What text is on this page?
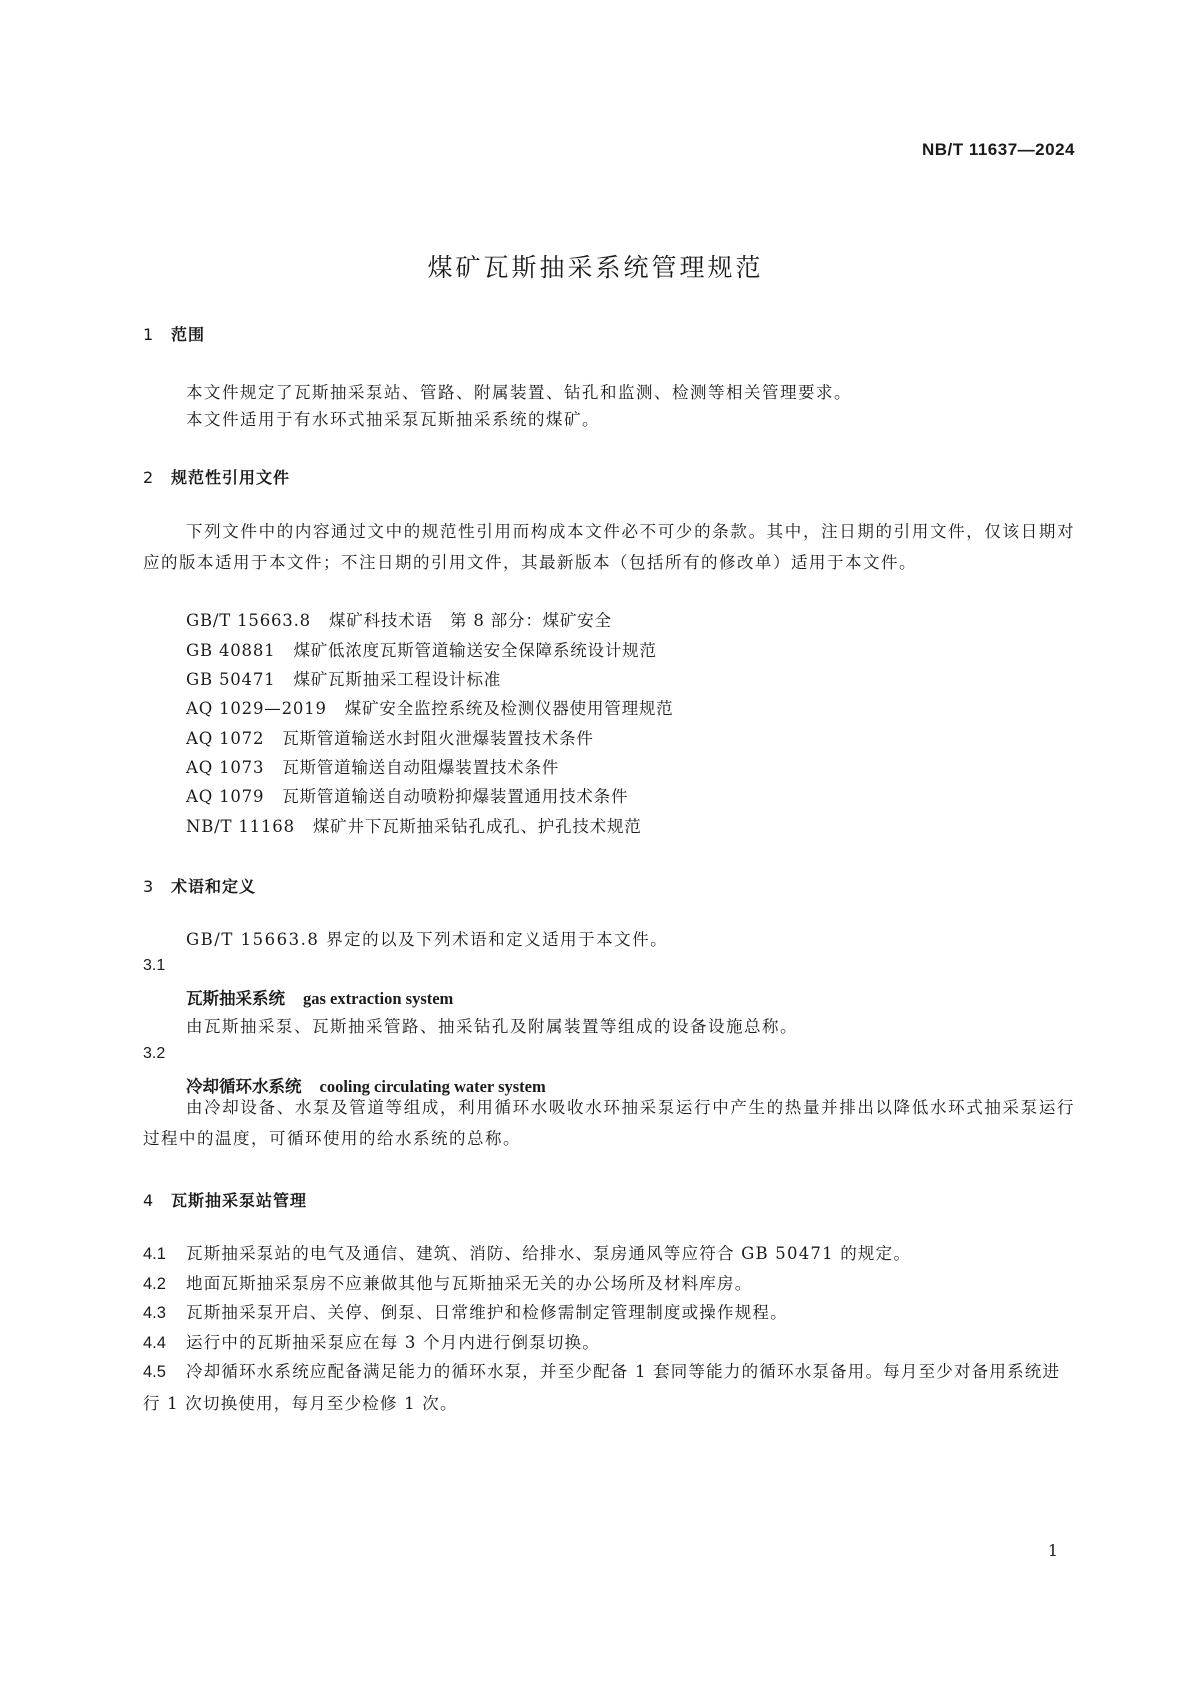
NB/T 11637—2024
煤矿瓦斯抽采系统管理规范
1 范围
本文件规定了瓦斯抽采泵站、管路、附属装置、钻孔和监测、检测等相关管理要求。
本文件适用于有水环式抽采泵瓦斯抽采系统的煤矿。
2 规范性引用文件
下列文件中的内容通过文中的规范性引用而构成本文件必不可少的条款。其中，注日期的引用文件，仅该日期对应的版本适用于本文件；不注日期的引用文件，其最新版本（包括所有的修改单）适用于本文件。
GB/T 15663.8 煤矿科技术语　第 8 部分：煤矿安全
GB 40881 煤矿低浓度瓦斯管道输送安全保障系统设计规范
GB 50471 煤矿瓦斯抽采工程设计标准
AQ 1029—2019 煤矿安全监控系统及检测仪器使用管理规范
AQ 1072 瓦斯管道输送水封阻火泄爆装置技术条件
AQ 1073 瓦斯管道输送自动阻爆装置技术条件
AQ 1079 瓦斯管道输送自动喷粉抑爆装置通用技术条件
NB/T 11168 煤矿井下瓦斯抽采钻孔成孔、护孔技术规范
3 术语和定义
GB/T 15663.8 界定的以及下列术语和定义适用于本文件。
3.1
瓦斯抽采系统 gas extraction system
由瓦斯抽采泵、瓦斯抽采管路、抽采钻孔及附属装置等组成的设备设施总称。
3.2
冷却循环水系统 cooling circulating water system
由冷却设备、水泵及管道等组成，利用循环水吸收水环抽采泵运行中产生的热量并排出以降低水环式抽采泵运行过程中的温度，可循环使用的给水系统的总称。
4 瓦斯抽采泵站管理
4.1 瓦斯抽采泵站的电气及通信、建筑、消防、给排水、泵房通风等应符合 GB 50471 的规定。
4.2 地面瓦斯抽采泵房不应兼做其他与瓦斯抽采无关的办公场所及材料库房。
4.3 瓦斯抽采泵开启、关停、倒泵、日常维护和检修需制定管理制度或操作规程。
4.4 运行中的瓦斯抽采泵应在每 3 个月内进行倒泵切换。
4.5 冷却循环水系统应配备满足能力的循环水泵，并至少配备 1 套同等能力的循环水泵备用。每月至少对备用系统进行 1 次切换使用，每月至少检修 1 次。
1
